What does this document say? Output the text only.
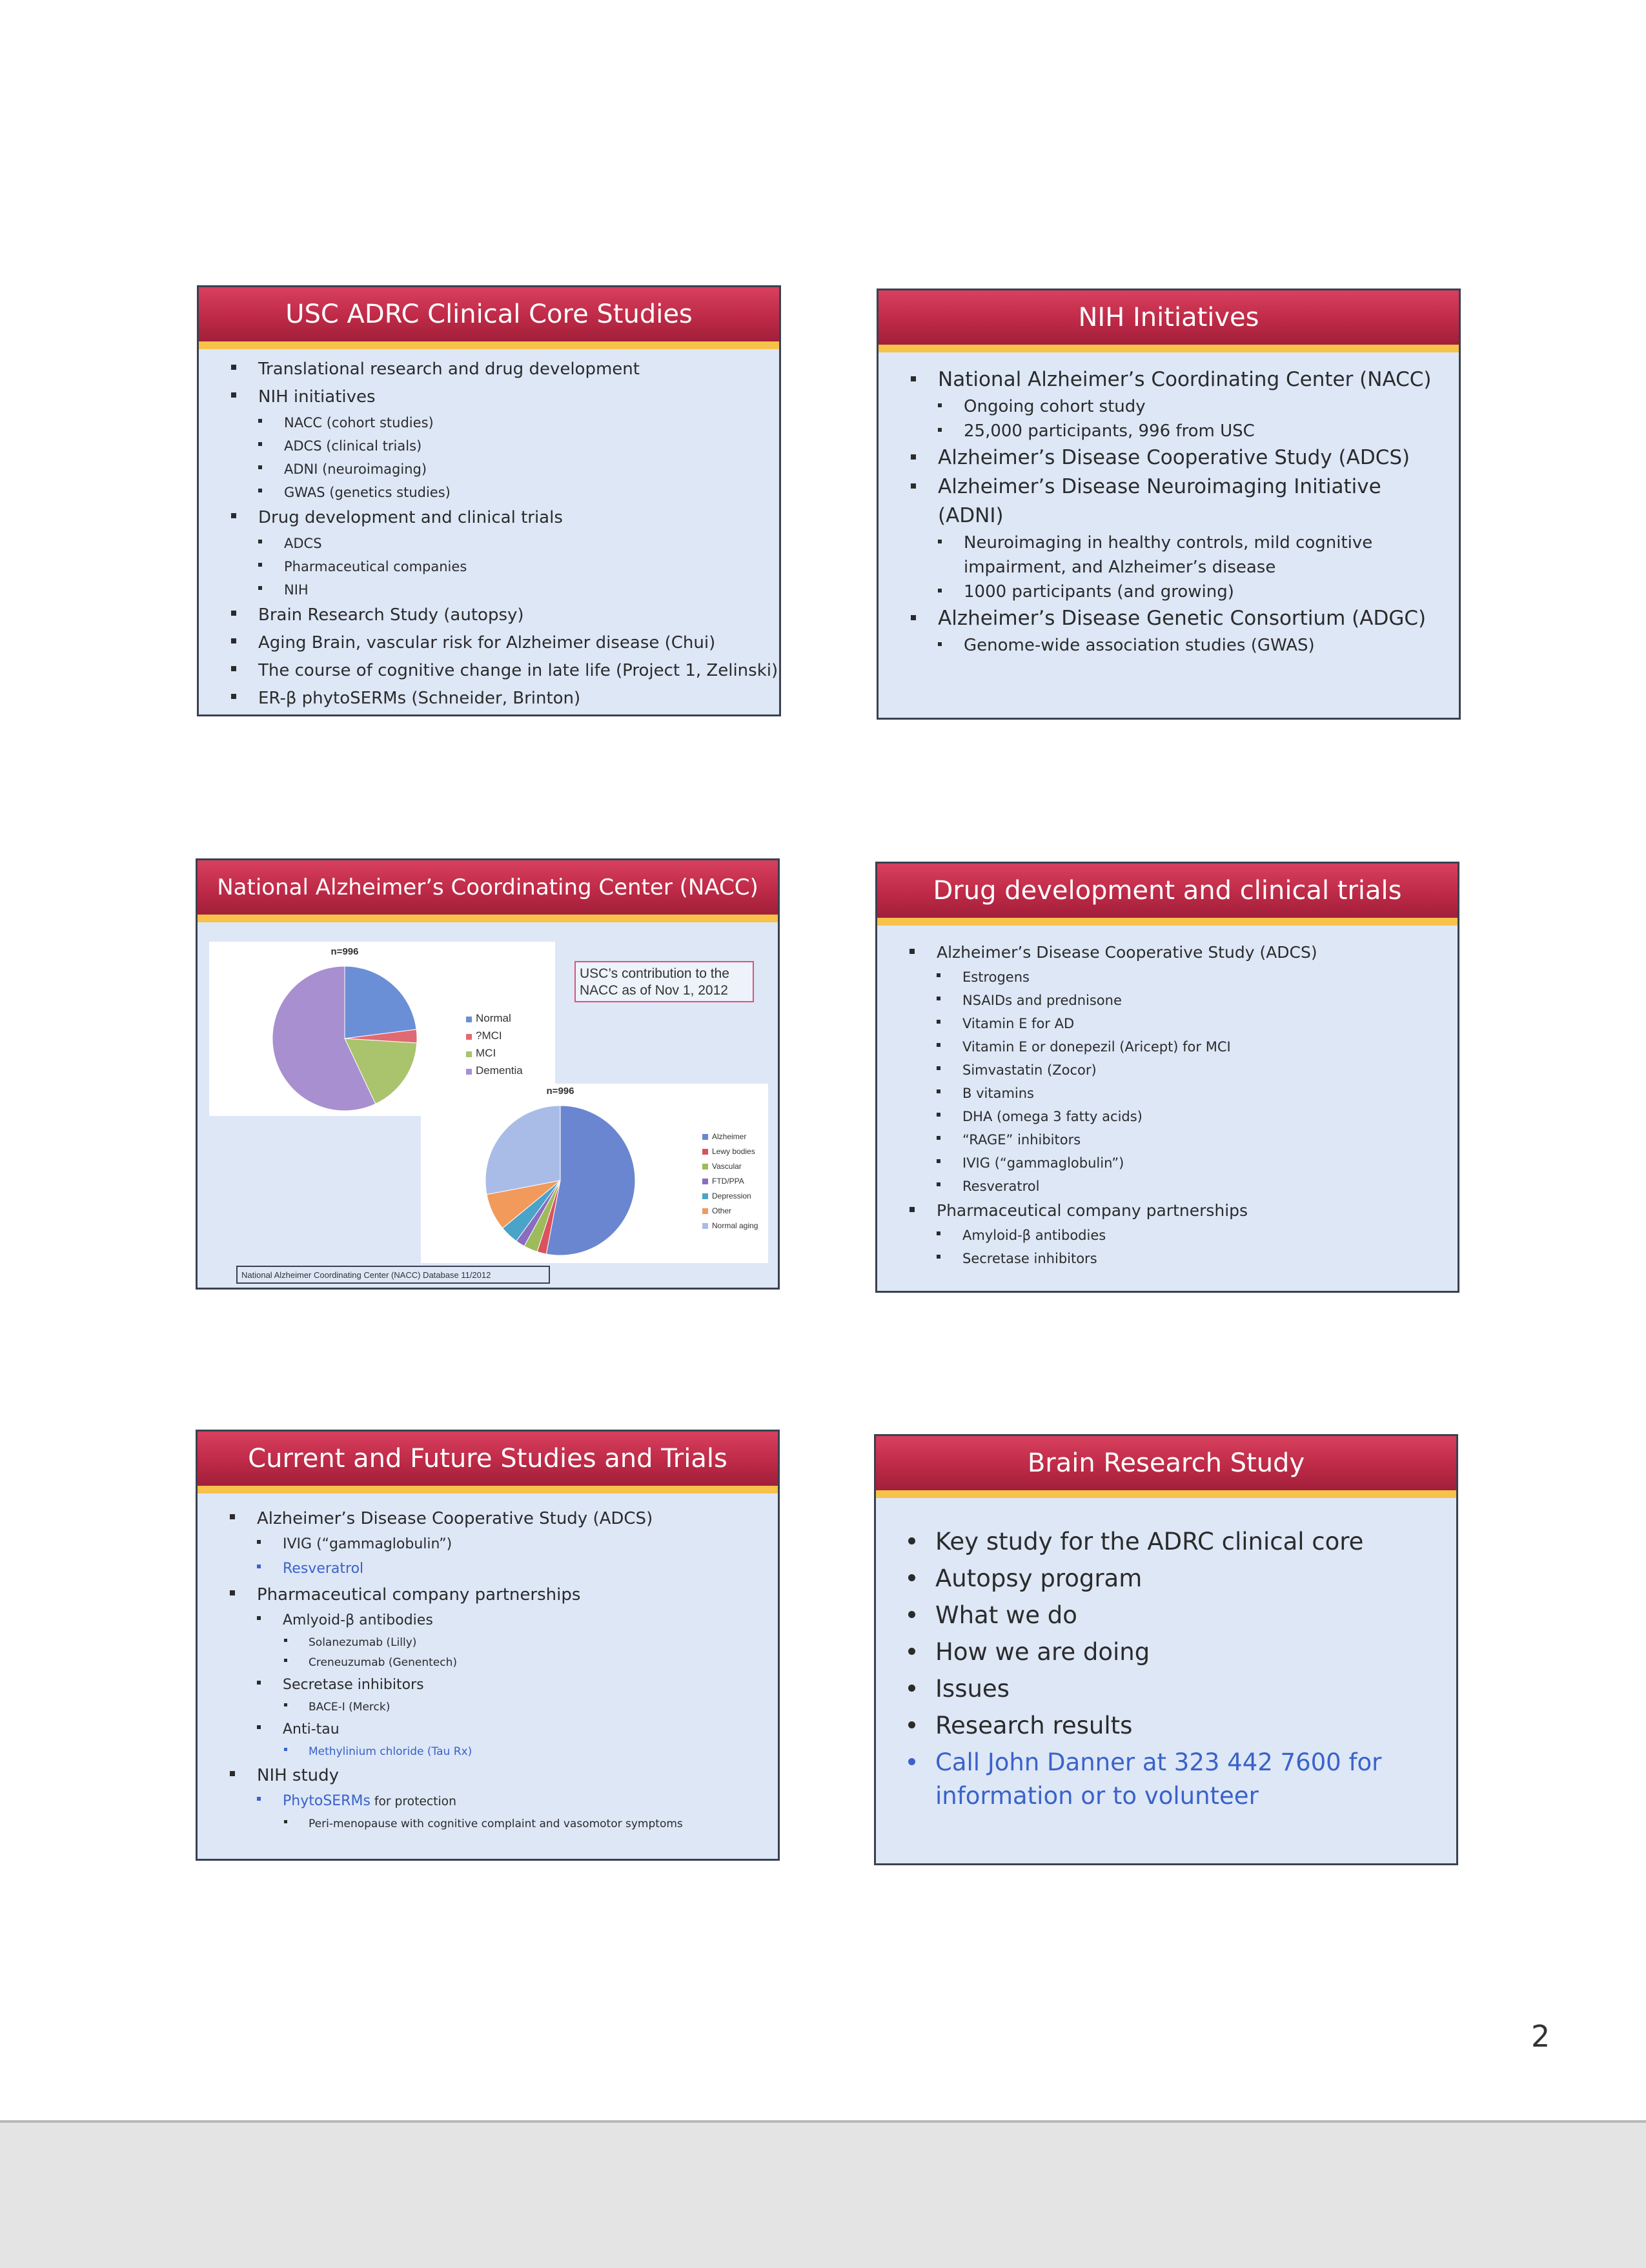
USC ADRC Clinical Core Studies
Translational research and drug development
NIH initiatives
NACC (cohort studies)
ADCS (clinical trials)
ADNI (neuroimaging)
GWAS (genetics studies)
Drug development and clinical trials
ADCS
Pharmaceutical companies
NIH
Brain Research Study (autopsy)
Aging Brain, vascular risk for Alzheimer disease (Chui)
The course of cognitive change in late life (Project 1, Zelinski)
ER-β phytoSERMs (Schneider, Brinton)
NIH Initiatives
National Alzheimer’s Coordinating Center (NACC)
Ongoing cohort study
25,000 participants, 996 from USC
Alzheimer’s Disease Cooperative Study (ADCS)
Alzheimer’s Disease Neuroimaging Initiative
(ADNI)
Neuroimaging in healthy controls, mild cognitive
impairment, and Alzheimer’s disease
1000 participants (and growing)
Alzheimer’s Disease Genetic Consortium (ADGC)
Genome-wide association studies (GWAS)
National Alzheimer’s Coordinating Center (NACC)
n=996
Normal
?MCI
MCI
Dementia
USC’s contribution to the NACC as of Nov 1, 2012
n=996
Alzheimer
Lewy bodies
Vascular
FTD/PPA
Depression
Other
Normal aging
National Alzheimer Coordinating Center (NACC) Database 11/2012
Drug development and clinical trials
Alzheimer’s Disease Cooperative Study (ADCS)
Estrogens
NSAIDs and prednisone
Vitamin E for AD
Vitamin E or donepezil (Aricept) for MCI
Simvastatin (Zocor)
B vitamins
DHA (omega 3 fatty acids)
“RAGE” inhibitors
IVIG (“gammaglobulin”)
Resveratrol
Pharmaceutical company partnerships
Amyloid-β antibodies
Secretase inhibitors
Current and Future Studies and Trials
Alzheimer’s Disease Cooperative Study (ADCS)
IVIG (“gammaglobulin”)
Resveratrol
Pharmaceutical company partnerships
Amlyoid-β antibodies
Solanezumab (Lilly)
Creneuzumab (Genentech)
Secretase inhibitors
BACE-I (Merck)
Anti-tau
Methylinium chloride (Tau Rx)
NIH study
PhytoSERMs for protection
Peri-menopause with cognitive complaint and vasomotor symptoms
Brain Research Study
Key study for the ADRC clinical core
Autopsy program
What we do
How we are doing
Issues
Research results
Call John Danner at 323 442 7600 for
information or to volunteer
2
